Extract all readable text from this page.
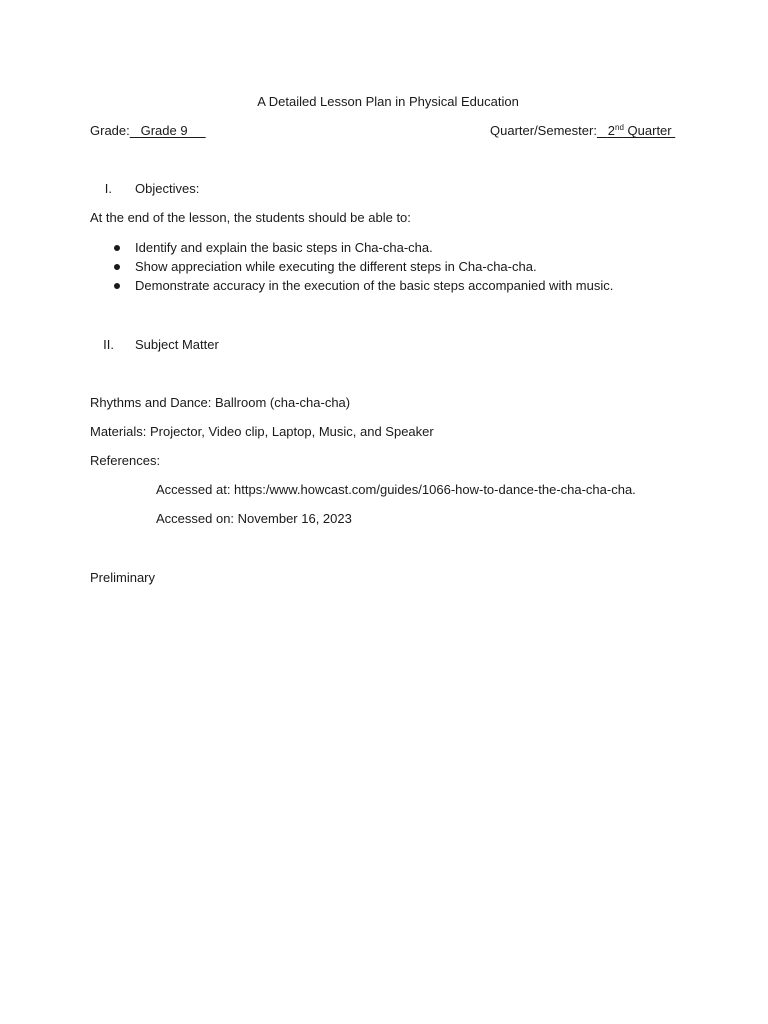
A Detailed Lesson Plan in Physical Education
Grade: Grade 9	Quarter/Semester: 2nd Quarter
I. Objectives:
At the end of the lesson, the students should be able to:
Identify and explain the basic steps in Cha-cha-cha.
Show appreciation while executing the different steps in Cha-cha-cha.
Demonstrate accuracy in the execution of the basic steps accompanied with music.
II. Subject Matter
Rhythms and Dance: Ballroom (cha-cha-cha)
Materials: Projector, Video clip, Laptop, Music, and Speaker
References:
Accessed at: https:/www.howcast.com/guides/1066-how-to-dance-the-cha-cha-cha.
Accessed on: November 16, 2023
Preliminary
